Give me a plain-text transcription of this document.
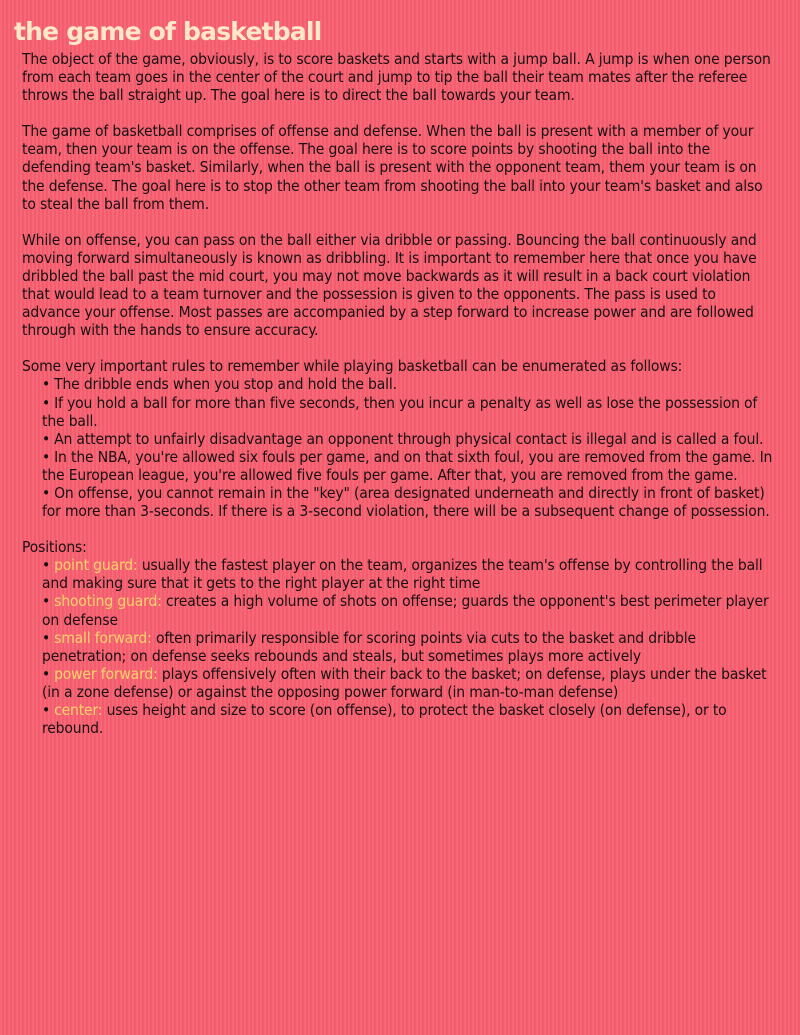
the game of basketball

The object of the game, obviously, is to score baskets and starts with a jump ball. A jump is when one person from each team goes in the center of the court and jump to tip the ball their team mates after the referee throws the ball straight up. The goal here is to direct the ball towards your team.

The game of basketball comprises of offense and defense. When the ball is present with a member of your team, then your team is on the offense. The goal here is to score points by shooting the ball into the defending team's basket. Similarly, when the ball is present with the opponent team, them your team is on the defense. The goal here is to stop the other team from shooting the ball into your team's basket and also to steal the ball from them.

While on offense, you can pass on the ball either via dribble or passing. Bouncing the ball continuously and moving forward simultaneously is known as dribbling. It is important to remember here that once you have dribbled the ball past the mid court, you may not move backwards as it will result in a back court violation that would lead to a team turnover and the possession is given to the opponents. The pass is used to advance your offense. Most passes are accompanied by a step forward to increase power and are followed through with the hands to ensure accuracy.

Some very important rules to remember while playing basketball can be enumerated as follows:

• The dribble ends when you stop and hold the ball.
• If you hold a ball for more than five seconds, then you incur a penalty as well as lose the possession of the ball.
• An attempt to unfairly disadvantage an opponent through physical contact is illegal and is called a foul.
• In the NBA, you're allowed six fouls per game, and on that sixth foul, you are removed from the game. In the European league, you're allowed five fouls per game. After that, you are removed from the game.
• On offense, you cannot remain in the "key" (area designated underneath and directly in front of basket) for more than 3-seconds. If there is a 3-second violation, there will be a subsequent change of possession.

Positions:

• point guard: usually the fastest player on the team, organizes the team's offense by controlling the ball and making sure that it gets to the right player at the right time
• shooting guard: creates a high volume of shots on offense; guards the opponent's best perimeter player on defense
• small forward: often primarily responsible for scoring points via cuts to the basket and dribble penetration; on defense seeks rebounds and steals, but sometimes plays more actively
• power forward: plays offensively often with their back to the basket; on defense, plays under the basket (in a zone defense) or against the opposing power forward (in man-to-man defense)
• center: uses height and size to score (on offense), to protect the basket closely (on defense), or to rebound.
